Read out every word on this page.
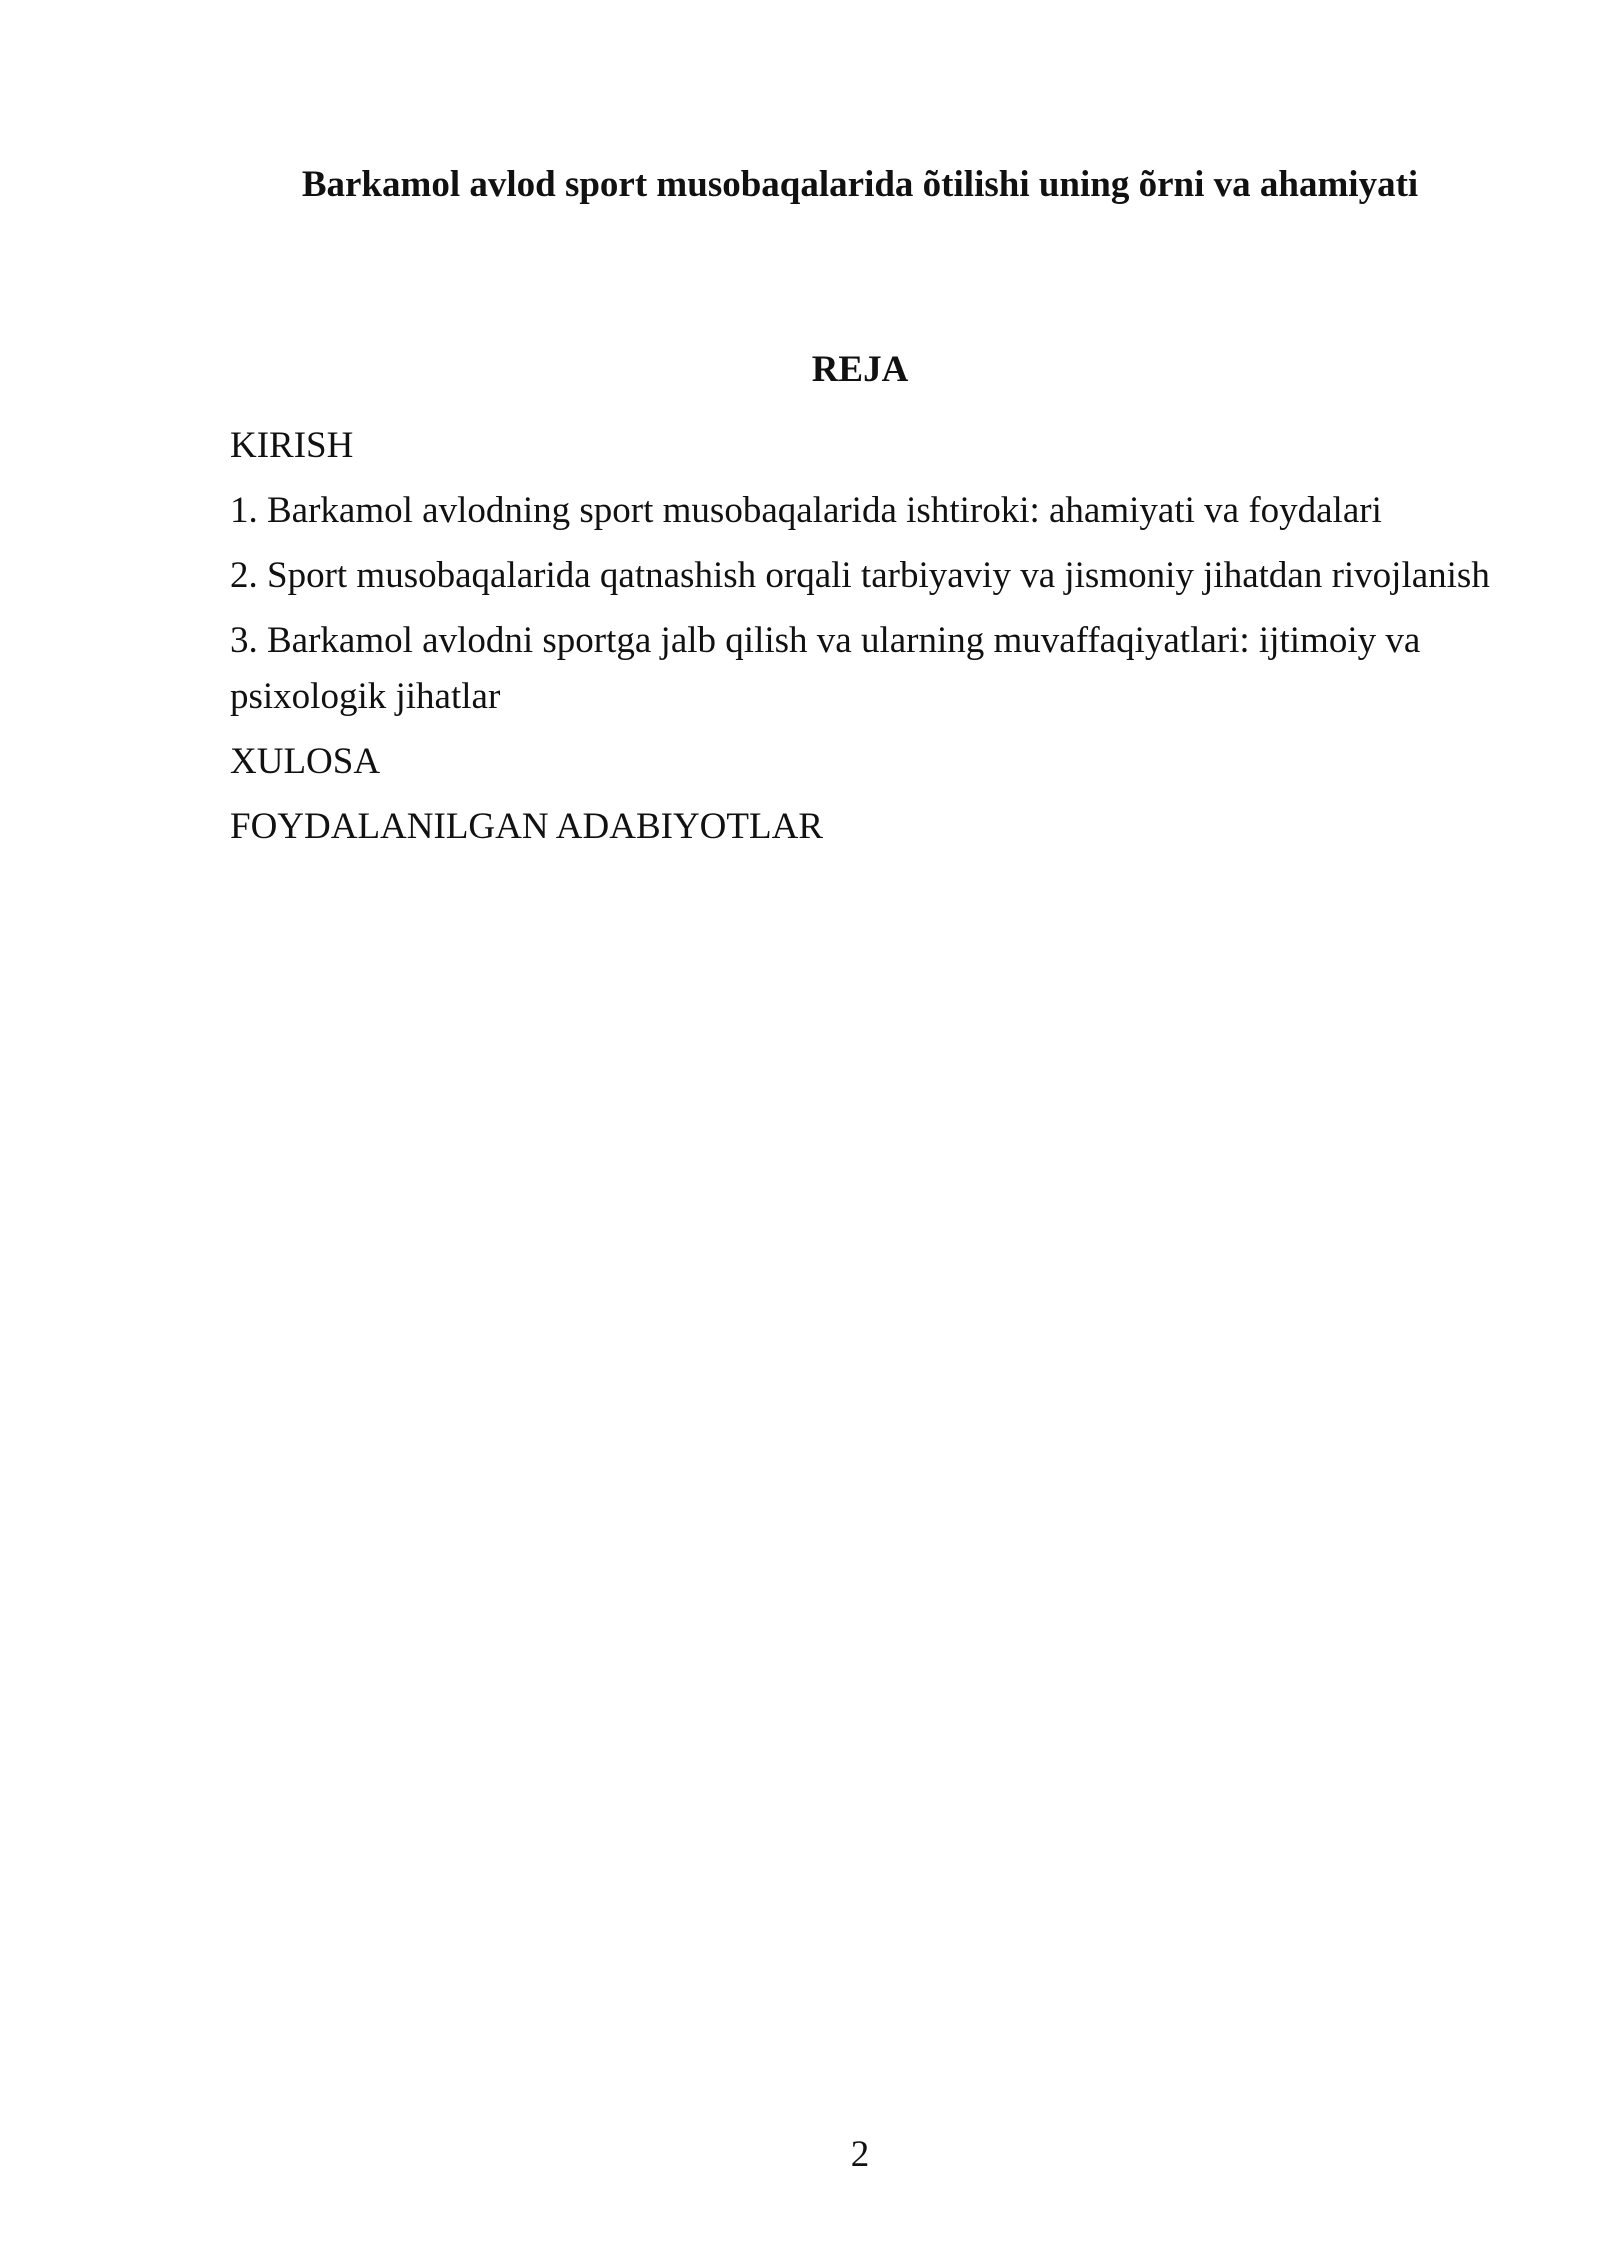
Barkamol avlod sport musobaqalarida õtilishi uning õrni va ahamiyati
REJA
KIRISH
1. Barkamol avlodning sport musobaqalarida ishtiroki: ahamiyati va foydalari
2. Sport musobaqalarida qatnashish orqali tarbiyaviy va jismoniy jihatdan rivojlanish
3. Barkamol avlodni sportga jalb qilish va ularning muvaffaqiyatlari: ijtimoiy va psixologik jihatlar
XULOSA
FOYDALANILGAN ADABIYOTLAR
2
